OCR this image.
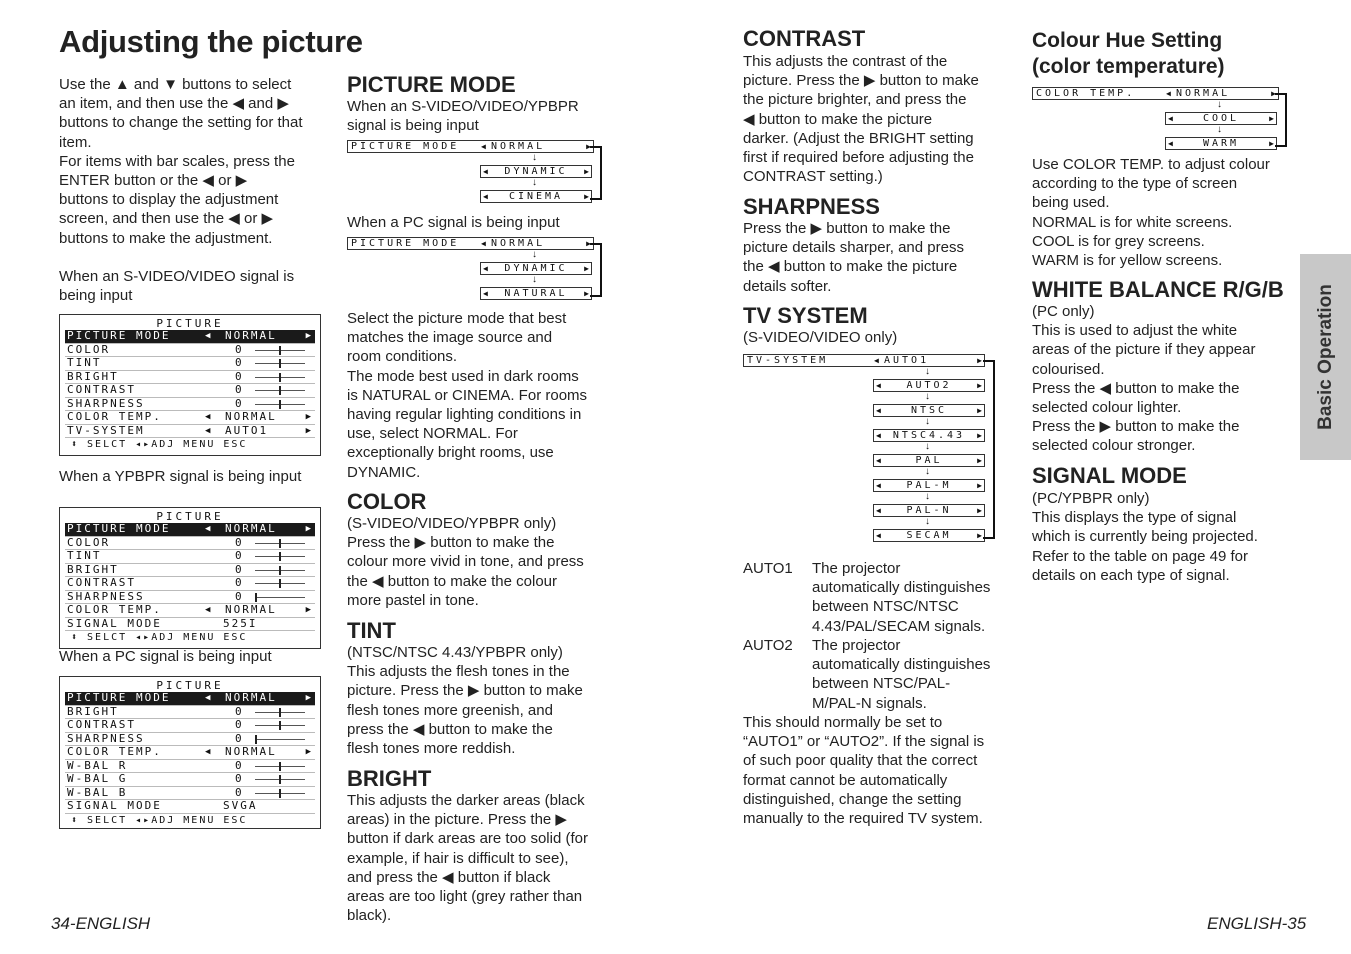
Adjusting the picture
Use the ▲ and ▼ buttons to select
an item, and then use the ◀ and ▶
buttons to change the setting for that
item.
For items with bar scales, press the
ENTER button or the ◀ or ▶
buttons to display the adjustment
screen, and then use the ◀ or ▶
buttons to make the adjustment.
When an S-VIDEO/VIDEO signal is
being input
PICTURE
PICTURE MODE	◀ NORMAL	▶
COLOR	0
TINT	0
BRIGHT	0
CONTRAST	0
SHARPNESS	0
COLOR TEMP.	◀ NORMAL	▶
TV-SYSTEM	◀ AUTO1	▶
⬍ SELCT ◂▸ADJ MENU ESC
When a YPBPR signal is being input
PICTURE
PICTURE MODE	◀ NORMAL	▶
COLOR	0
TINT	0
BRIGHT	0
CONTRAST	0
SHARPNESS	0
COLOR TEMP.	◀ NORMAL	▶
SIGNAL MODE	525I
⬍ SELCT ◂▸ADJ MENU ESC
When a PC signal is being input
PICTURE
PICTURE MODE	◀ NORMAL	▶
BRIGHT	0
CONTRAST	0
SHARPNESS	0
COLOR TEMP.	◀ NORMAL	▶
W-BAL R	0
W-BAL G	0
W-BAL B	0
SIGNAL MODE	SVGA
⬍ SELCT ◂▸ADJ MENU ESC
PICTURE MODE
When an S-VIDEO/VIDEO/YPBPR
signal is being input
PICTURE MODE	NORMAL
◀	▶
↓
◀	DYNAMIC	▶
↓
◀	CINEMA	▶
When a PC signal is being input
PICTURE MODE	NORMAL
◀	▶
↓
◀	DYNAMIC	▶
↓
◀	NATURAL	▶
Select the picture mode that best
matches the image source and
room conditions.
The mode best used in dark rooms
is NATURAL or CINEMA. For rooms
having regular lighting conditions in
use, select NORMAL. For
exceptionally bright rooms, use
DYNAMIC.
COLOR
(S-VIDEO/VIDEO/YPBPR only)
Press the ▶ button to make the
colour more vivid in tone, and press
the ◀ button to make the colour
more pastel in tone.
TINT
(NTSC/NTSC 4.43/YPBPR only)
This adjusts the flesh tones in the
picture. Press the ▶ button to make
flesh tones more greenish, and
press the ◀ button to make the
flesh tones more reddish.
BRIGHT
This adjusts the darker areas (black
areas) in the picture. Press the ▶
button if dark areas are too solid (for
example, if hair is difficult to see),
and press the ◀ button if black
areas are too light (grey rather than
black).
CONTRAST
This adjusts the contrast of the
picture. Press the ▶ button to make
the picture brighter, and press the
◀ button to make the picture
darker. (Adjust the BRIGHT setting
first if required before adjusting the
CONTRAST setting.)
SHARPNESS
Press the ▶ button to make the
picture details sharper, and press
the ◀ button to make the picture
details softer.
TV SYSTEM
(S-VIDEO/VIDEO only)
TV-SYSTEM	AUTO1
◀	▶
↓
◀	AUTO2	▶
↓
◀	NTSC	▶
↓
◀	NTSC4.43	▶
↓
◀	PAL	▶
↓
◀	PAL-M	▶
↓
◀	PAL-N	▶
↓
◀	SECAM	▶
AUTO1 The projector
automatically distinguishes
between NTSC/NTSC
4.43/PAL/SECAM signals.
AUTO2 The projector
automatically distinguishes
between NTSC/PAL-
M/PAL-N signals.
This should normally be set to
“AUTO1” or “AUTO2”. If the signal is
of such poor quality that the correct
format cannot be automatically
distinguished, change the setting
manually to the required TV system.
Colour Hue Setting
(color temperature)
COLOR TEMP.	NORMAL
◀	▶
↓
◀	COOL	▶
↓
◀	WARM	▶
Use COLOR TEMP. to adjust colour
according to the type of screen
being used.
NORMAL is for white screens.
COOL is for grey screens.
WARM is for yellow screens.
WHITE BALANCE R/G/B
(PC only)
This is used to adjust the white
areas of the picture if they appear
colourised.
Press the ◀ button to make the
selected colour lighter.
Press the ▶ button to make the
selected colour stronger.
SIGNAL MODE
(PC/YPBPR only)
This displays the type of signal
which is currently being projected.
Refer to the table on page 49 for
details on each type of signal.
Basic Operation
34-ENGLISH	ENGLISH-35
